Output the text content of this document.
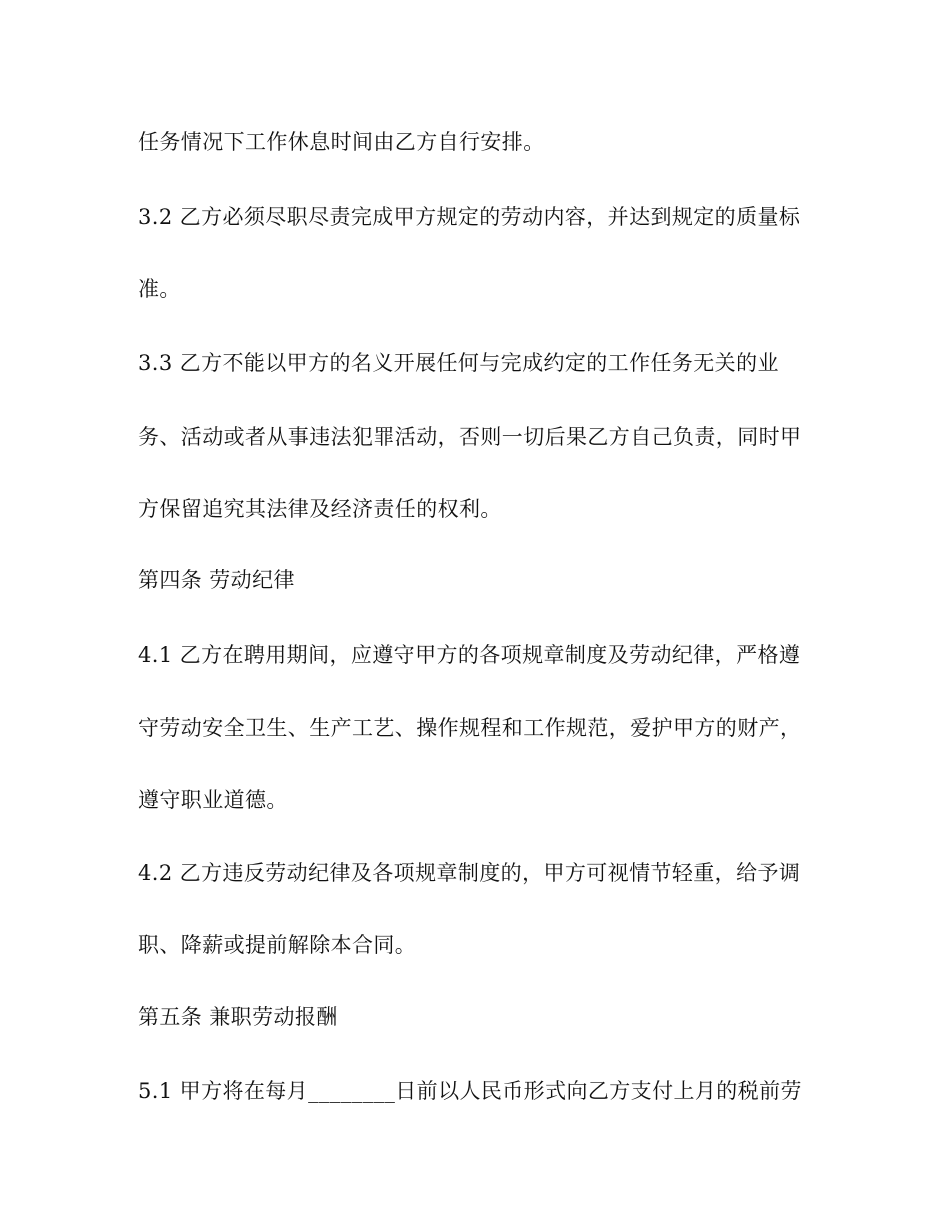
任务情况下工作休息时间由乙方自行安排。
3.2 乙方必须尽职尽责完成甲方规定的劳动内容，并达到规定的质量标
准。
3.3 乙方不能以甲方的名义开展任何与完成约定的工作任务无关的业
务、活动或者从事违法犯罪活动，否则一切后果乙方自己负责，同时甲
方保留追究其法律及经济责任的权利。
第四条 劳动纪律
4.1 乙方在聘用期间，应遵守甲方的各项规章制度及劳动纪律，严格遵
守劳动安全卫生、生产工艺、操作规程和工作规范，爱护甲方的财产，
遵守职业道德。
4.2 乙方违反劳动纪律及各项规章制度的，甲方可视情节轻重，给予调
职、降薪或提前解除本合同。
第五条 兼职劳动报酬
5.1 甲方将在每月________日前以人民币形式向乙方支付上月的税前劳
